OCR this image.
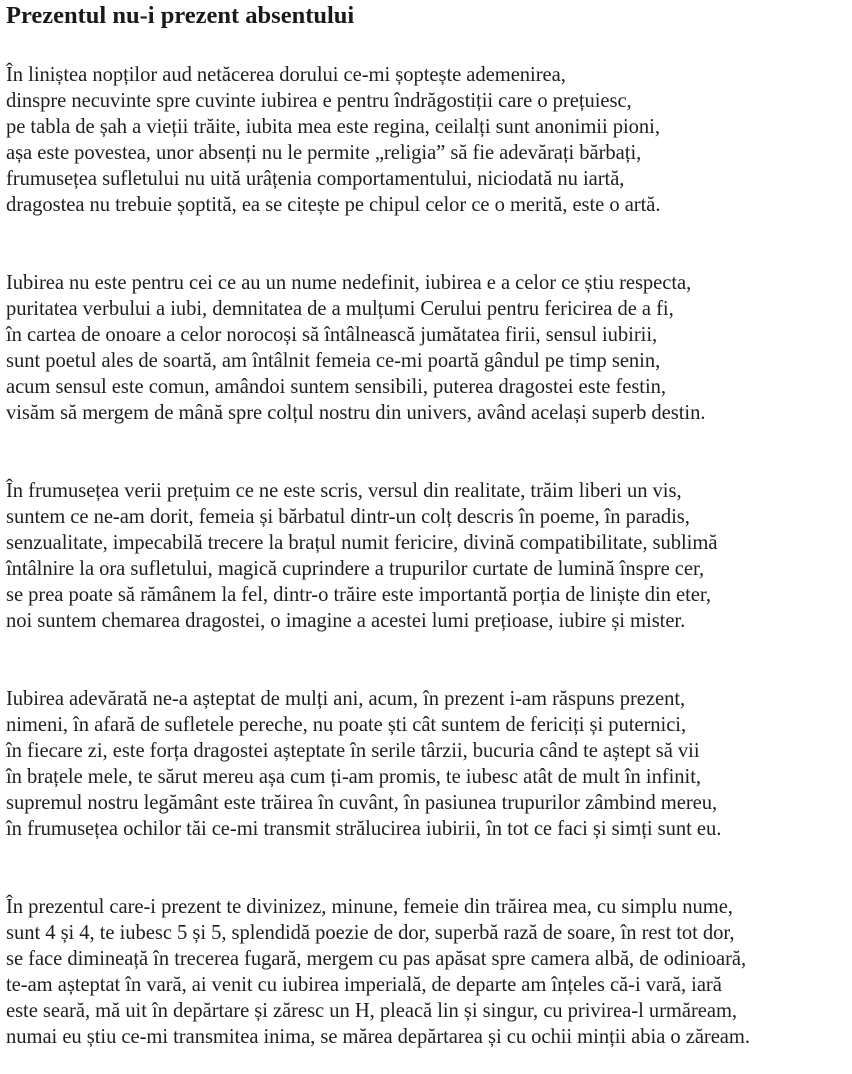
Prezentul nu-i prezent absentului
În liniștea nopților aud netăcerea dorului ce-mi șoptește ademenirea,
dinspre necuvinte spre cuvinte iubirea e pentru îndrăgostiții care o prețuiesc,
pe tabla de șah a vieții trăite, iubita mea este regina, ceilalți sunt anonimii pioni,
așa este povestea, unor absenți nu le permite „religia” să fie adevărați bărbați,
frumusețea sufletului nu uită urâțenia comportamentului, niciodată nu iartă,
dragostea nu trebuie șoptită, ea se citește pe chipul celor ce o merită, este o artă.
Iubirea nu este pentru cei ce au un nume nedefinit, iubirea e a celor ce știu respecta,
puritatea verbului a iubi, demnitatea de a mulțumi Cerului pentru fericirea de a fi,
în cartea de onoare a celor norocoși să întâlnească jumătatea firii, sensul iubirii,
sunt poetul ales de soartă, am întâlnit femeia ce-mi poartă gândul pe timp senin,
acum sensul este comun, amândoi suntem sensibili, puterea dragostei este festin,
visăm să mergem de mână spre colțul nostru din univers, având același superb destin.
În frumusețea verii prețuim ce ne este scris, versul din realitate, trăim liberi un vis,
suntem ce ne-am dorit, femeia și bărbatul dintr-un colț descris în poeme, în paradis,
senzualitate, impecabilă trecere la brațul numit fericire, divină compatibilitate, sublimă
întâlnire la ora sufletului, magică cuprindere a trupurilor curtate de lumină înspre cer,
se prea poate să rămânem la fel, dintr-o trăire este importantă porția de liniște din eter,
noi suntem chemarea dragostei, o imagine a acestei lumi prețioase, iubire și mister.
Iubirea adevărată ne-a așteptat de mulți ani, acum, în prezent i-am răspuns prezent,
nimeni, în afară de sufletele pereche, nu poate ști cât suntem de fericiți și puternici,
în fiecare zi, este forța dragostei așteptate în serile târzii, bucuria când te aștept să vii
în brațele mele, te sărut mereu așa cum ți-am promis, te iubesc atât de mult în infinit,
supremul nostru legământ este trăirea în cuvânt, în pasiunea trupurilor zâmbind mereu,
în frumusețea ochilor tăi ce-mi transmit strălucirea iubirii, în tot ce faci și simți sunt eu.
În prezentul care-i prezent te divinizez, minune, femeie din trăirea mea, cu simplu nume,
sunt 4 și 4, te iubesc 5 și 5, splendidă poezie de dor, superbă rază de soare, în rest tot dor,
se face dimineață în trecerea fugară, mergem cu pas apăsat spre camera albă, de odinioară,
te-am așteptat în vară, ai venit cu iubirea imperială, de departe am înțeles că-i vară, iară
este seară, mă uit în depărtare și zăresc un H, pleacă lin și singur, cu privirea-l urmăream,
numai eu știu ce-mi transmitea inima, se mărea depărtarea și cu ochii minții abia o zăream.
